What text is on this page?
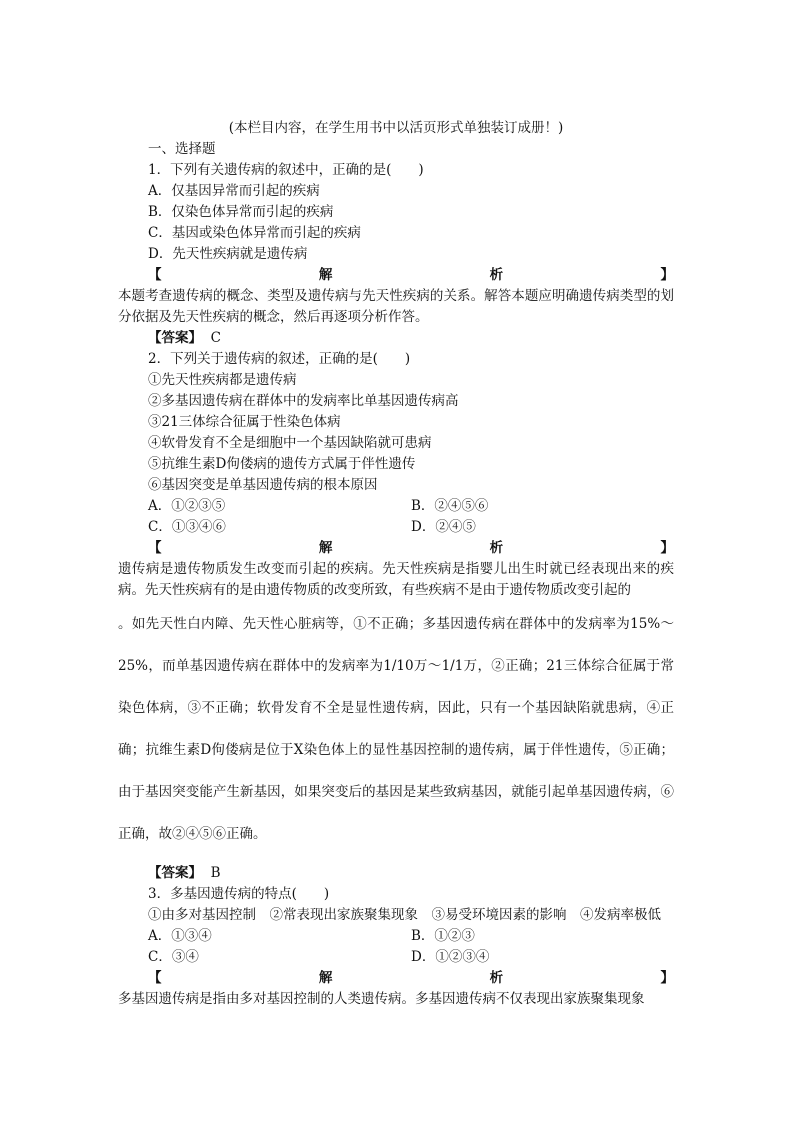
(本栏目内容，在学生用书中以活页形式单独装订成册！)
一、选择题
1．下列有关遗传病的叙述中，正确的是(　　)
A．仅基因异常而引起的疾病
B．仅染色体异常而引起的疾病
C．基因或染色体异常而引起的疾病
D．先天性疾病就是遗传病
【	解	析	】
本题考查遗传病的概念、类型及遗传病与先天性疾病的关系。解答本题应明确遗传病类型的划分依据及先天性疾病的概念，然后再逐项分析作答。
【答案】 C
2．下列关于遗传病的叙述，正确的是(　　)
①先天性疾病都是遗传病
②多基因遗传病在群体中的发病率比单基因遗传病高
③21三体综合征属于性染色体病
④软骨发育不全是细胞中一个基因缺陷就可患病
⑤抗维生素D佝偻病的遗传方式属于伴性遗传
⑥基因突变是单基因遗传病的根本原因
A．①②③⑤	B．②④⑤⑥
C．①③④⑥	D．②④⑤
【	解	析	】
遗传病是遗传物质发生改变而引起的疾病。先天性疾病是指婴儿出生时就已经表现出来的疾病。先天性疾病有的是由遗传物质的改变所致，有些疾病不是由于遗传物质改变引起的
。如先天性白内障、先天性心脏病等，①不正确；多基因遗传病在群体中的发病率为15%～25%，而单基因遗传病在群体中的发病率为1/10万～1/1万，②正确；21三体综合征属于常染色体病，③不正确；软骨发育不全是显性遗传病，因此，只有一个基因缺陷就患病，④正确；抗维生素D佝偻病是位于X染色体上的显性基因控制的遗传病，属于伴性遗传，⑤正确；由于基因突变能产生新基因，如果突变后的基因是某些致病基因，就能引起单基因遗传病，⑥正确，故②④⑤⑥正确。
【答案】 B
3．多基因遗传病的特点(　　)
①由多对基因控制　②常表现出家族聚集现象　③易受环境因素的影响　④发病率极低
A．①③④	B．①②③
C．③④	D．①②③④
【	解	析	】
多基因遗传病是指由多对基因控制的人类遗传病。多基因遗传病不仅表现出家族聚集现象
